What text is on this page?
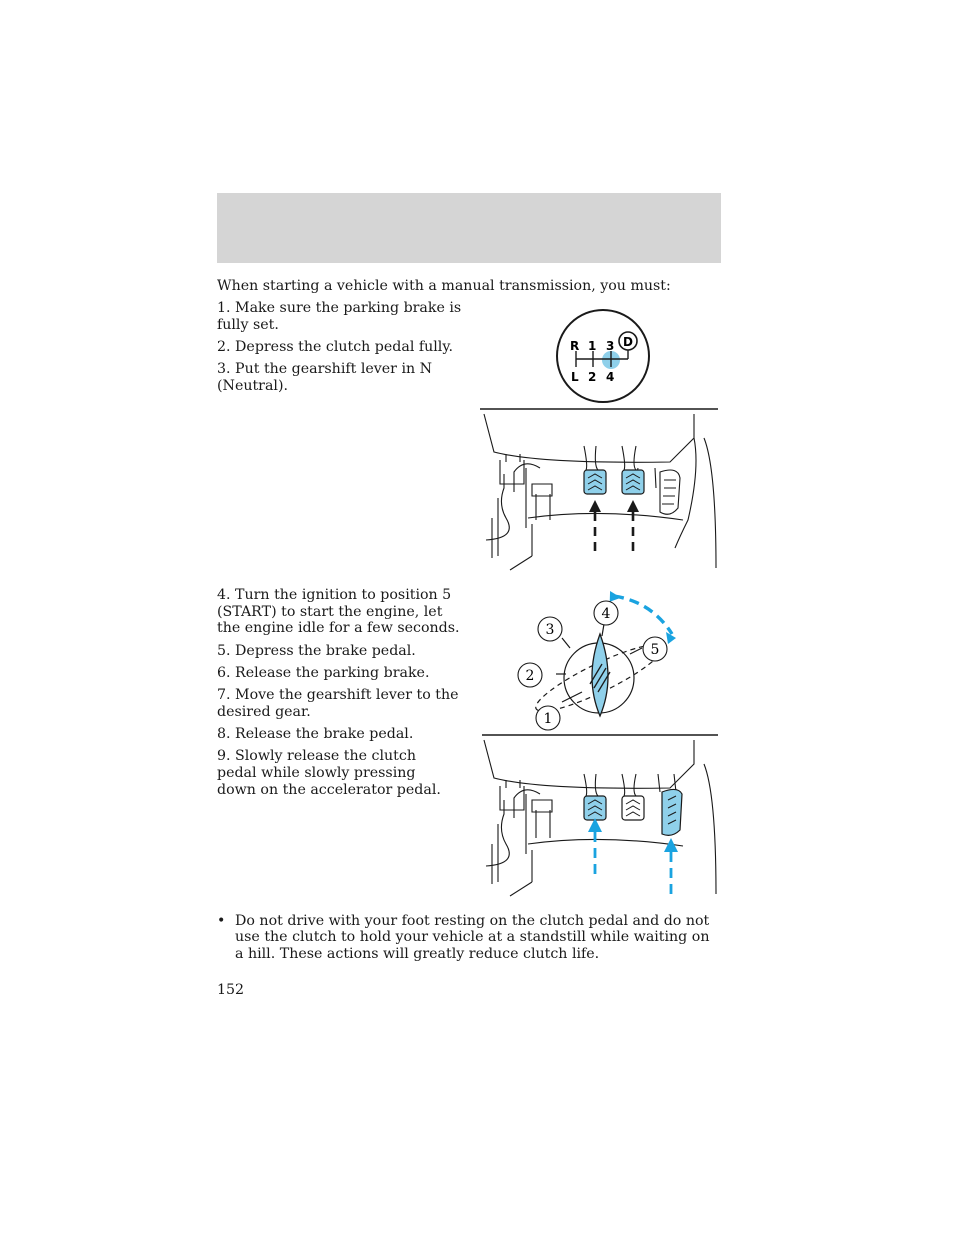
When starting a vehicle with a manual transmission, you must:

1. Make sure the parking brake is fully set.

2. Depress the clutch pedal fully.

3. Put the gearshift lever in N (Neutral).

4. Turn the ignition to position 5 (START) to start the engine, let the engine idle for a few seconds.

5. Depress the brake pedal.

6. Release the parking brake.

7. Move the gearshift lever to the desired gear.

8. Release the brake pedal.

9. Slowly release the clutch pedal while slowly pressing down on the accelerator pedal.

R 1 3 D
L 2 4
1
2
3
4
5
• Do not drive with your foot resting on the clutch pedal and do not use the clutch to hold your vehicle at a standstill while waiting on a hill. These actions will greatly reduce clutch life.

152
